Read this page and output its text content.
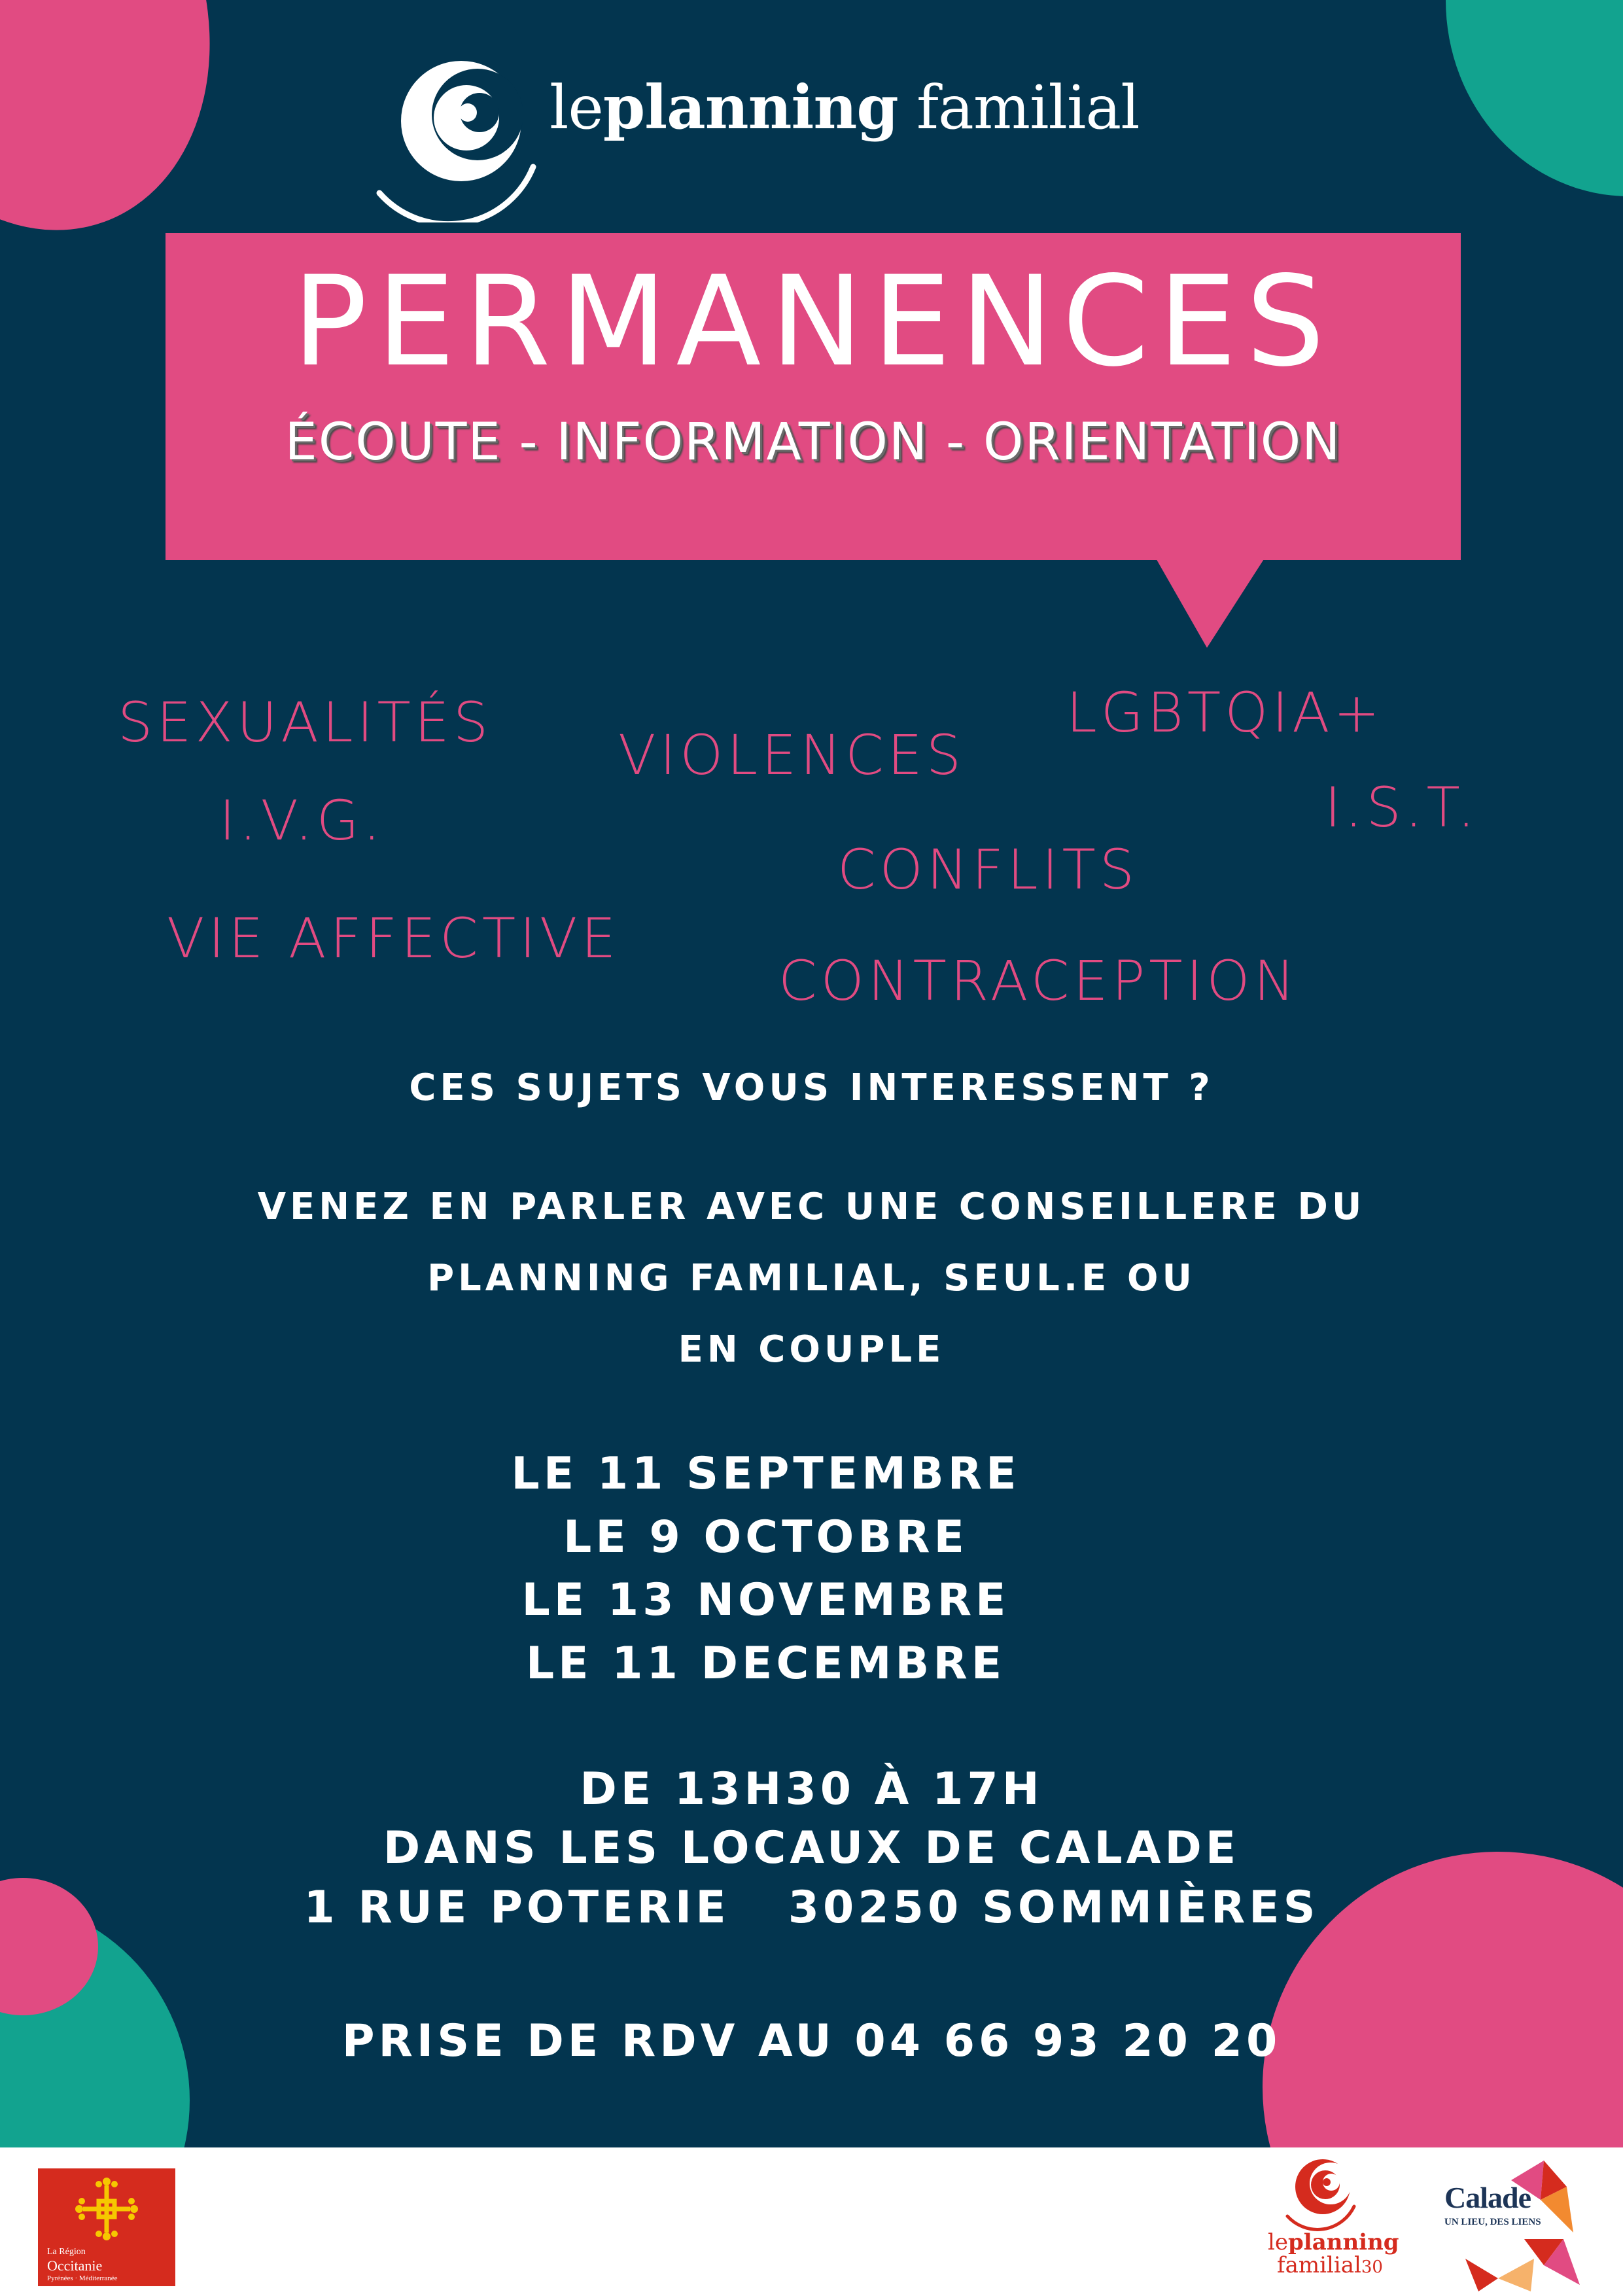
leplanning familial
PERMANENCES
ÉCOUTE - INFORMATION - ORIENTATION
SEXUALITÉS
VIOLENCES
LGBTQIA+
I.V.G.	I.S.T.
CONFLITS
VIE AFFECTIVE
CONTRACEPTION
CES SUJETS VOUS INTERESSENT ?
VENEZ EN PARLER AVEC UNE CONSEILLERE DU
PLANNING FAMILIAL, SEUL.E OU
EN COUPLE
LE 11 SEPTEMBRE
LE 9 OCTOBRE
LE 13 NOVEMBRE
LE 11 DECEMBRE
DE 13H30 À 17H
DANS LES LOCAUX DE CALADE
1 RUE POTERIE   30250 SOMMIÈRES
PRISE DE RDV AU 04 66 93 20 20
La Région
Occitanie
Pyrénées · Méditerranée
leplanning
familial30
Calade
UN LIEU, DES LIENS
